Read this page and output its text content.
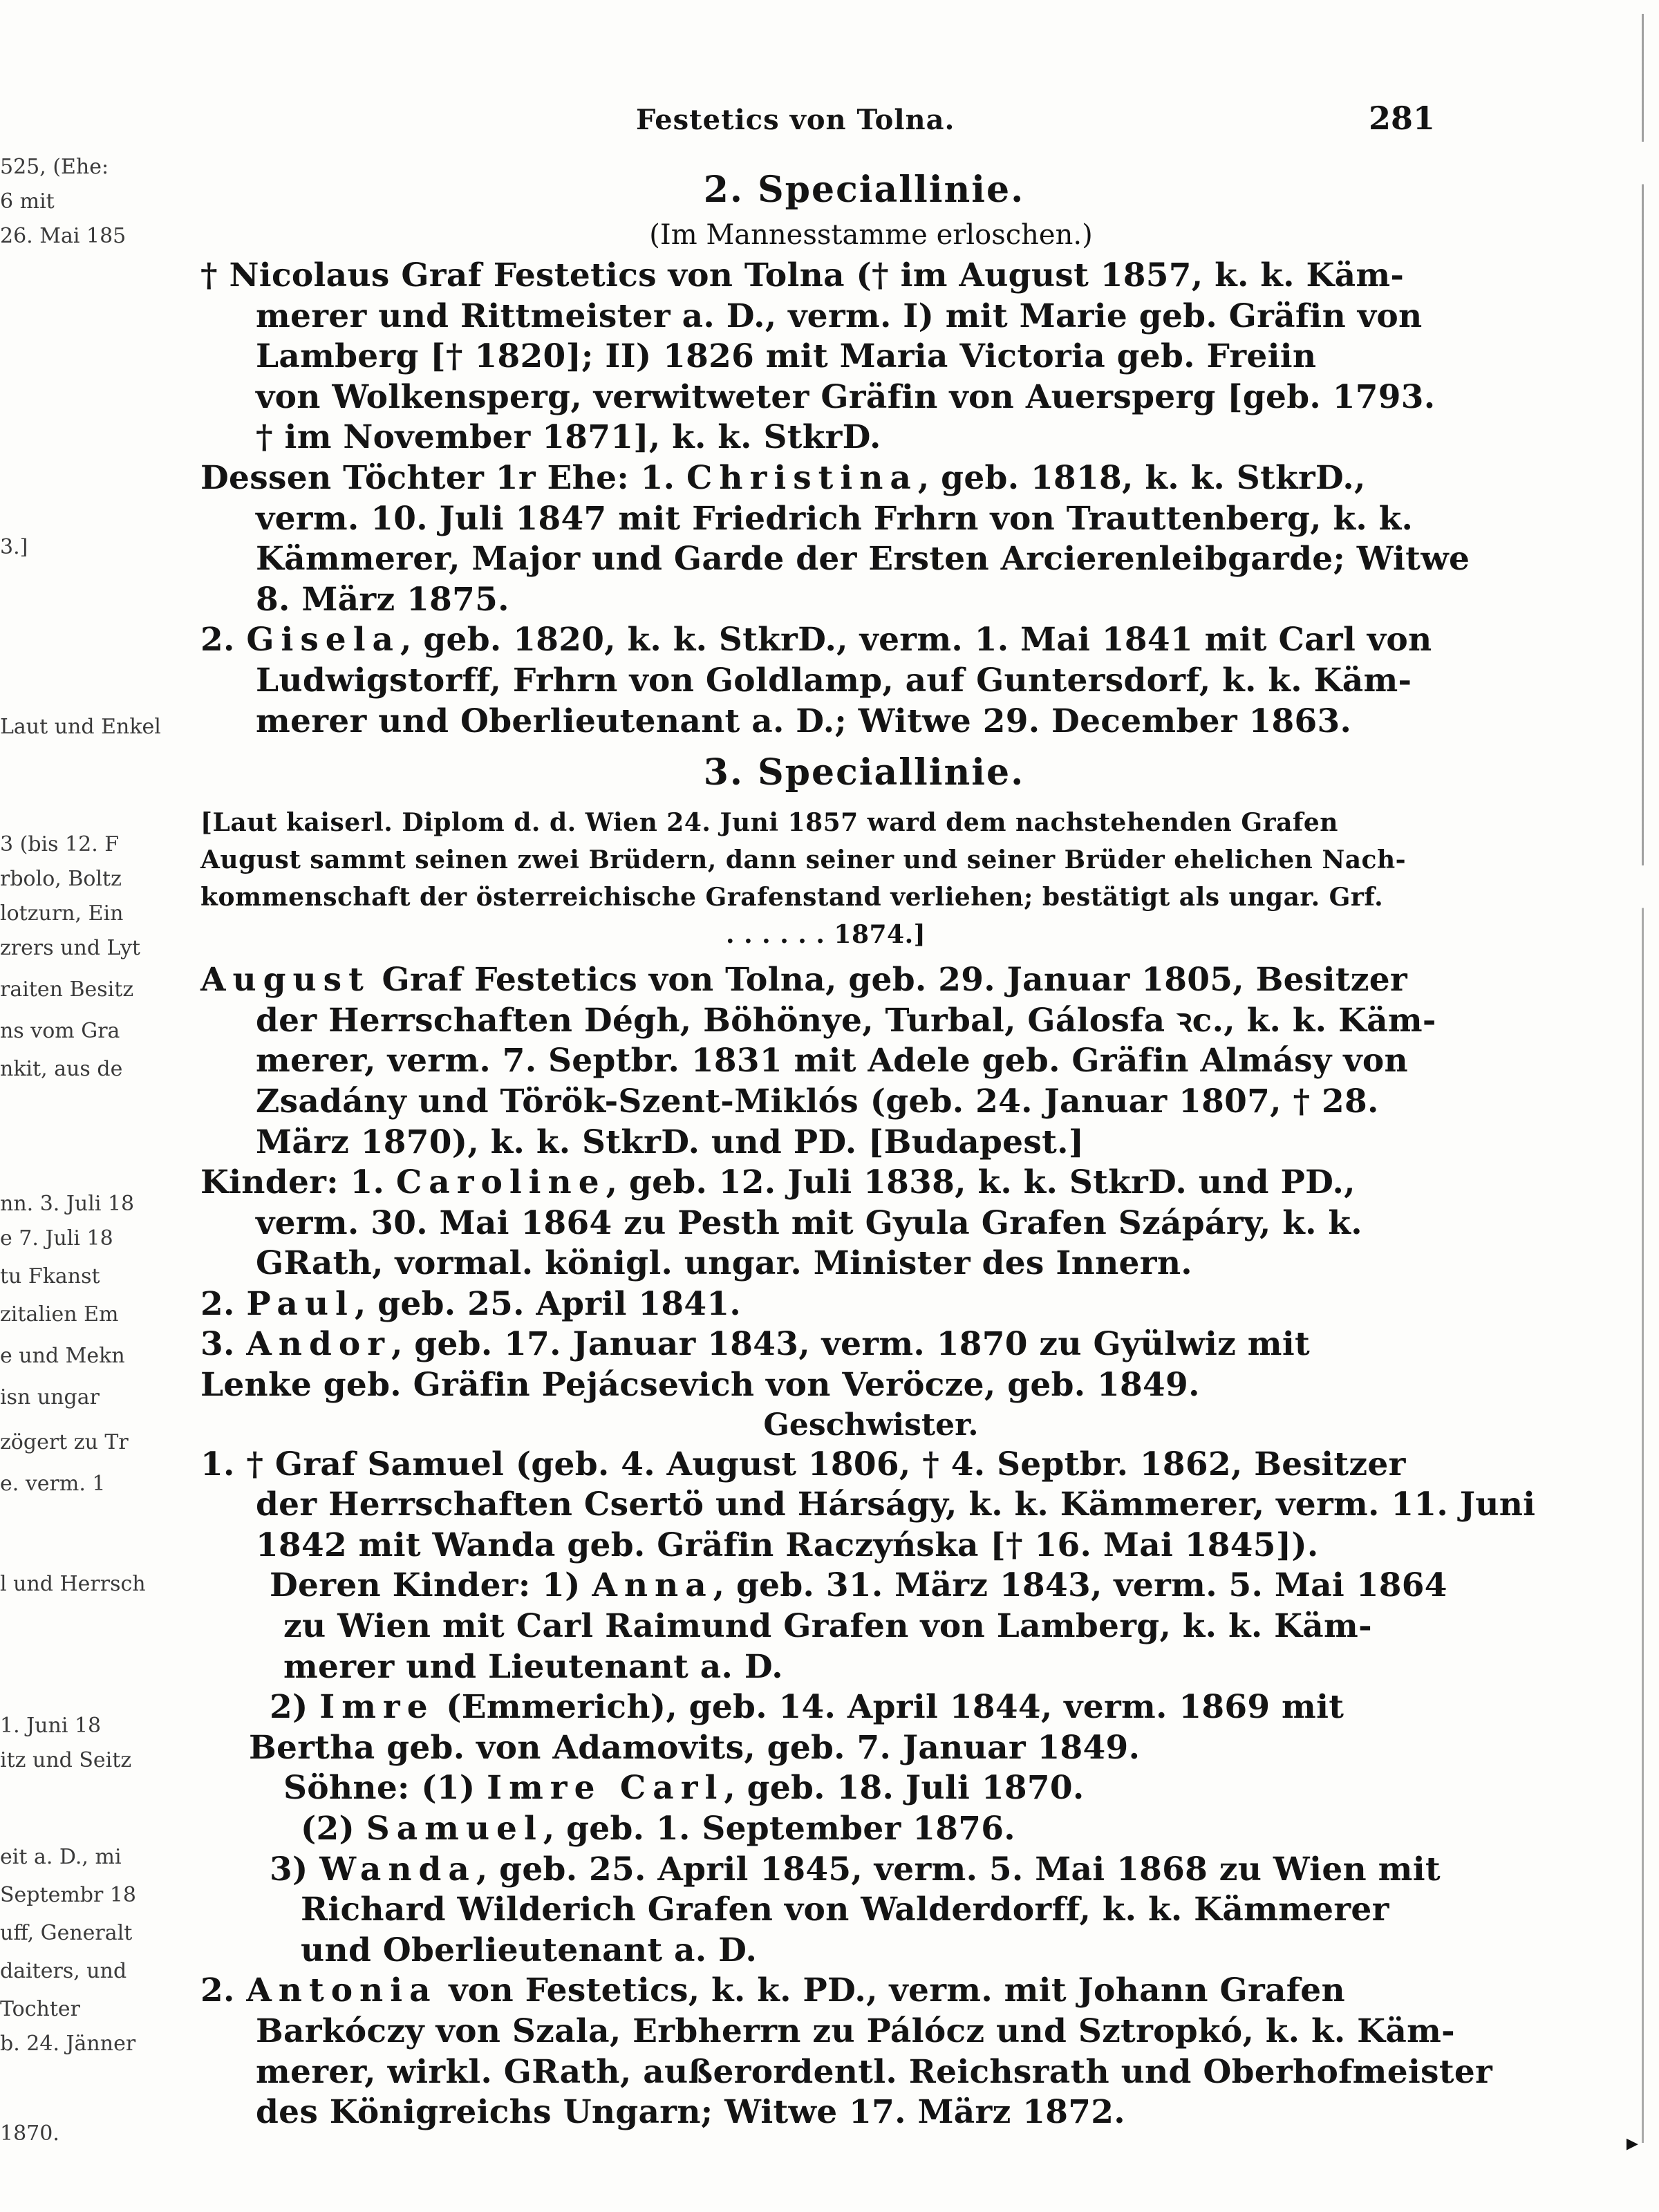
525, (Ehe:
6 mit
26. Mai 185
3.]
Laut und Enkel
3 (bis 12. F
rbolo, Boltz
lotzurn, Ein
zrers und Lyt
raiten Besitz
ns vom Gra
nkit, aus de
nn. 3. Juli 18
e 7. Juli 18
tu Fkanst
zitalien Em
e und Mekn
isn ungar
zögert zu Tr
e. verm. 1
l und Herrsch
1. Juni 18
itz und Seitz
eit a. D., mi
Septembr 18
uff, Generalt
daiters, und
Tochter
b. 24. Jänner
1870.	▸
Festetics von Tolna.	281
2. Speciallinie.
(Im Mannesstamme erloschen.)
† Nicolaus Graf Festetics von Tolna († im August 1857, k. k. Käm-
merer und Rittmeister a. D., verm. I) mit Marie geb. Gräfin von
Lamberg [† 1820]; II) 1826 mit Maria Victoria geb. Freiin
von Wolkensperg, verwitweter Gräfin von Auersperg [geb. 1793.
† im November 1871], k. k. StkrD.
Dessen Töchter 1r Ehe: 1. Christina, geb. 1818, k. k. StkrD.,
verm. 10. Juli 1847 mit Friedrich Frhrn von Trauttenberg, k. k.
Kämmerer, Major und Garde der Ersten Arcierenleibgarde; Witwe
8. März 1875.
2. Gisela, geb. 1820, k. k. StkrD., verm. 1. Mai 1841 mit Carl von
Ludwigstorff, Frhrn von Goldlamp, auf Guntersdorf, k. k. Käm-
merer und Oberlieutenant a. D.; Witwe 29. December 1863.
3. Speciallinie.
[Laut kaiserl. Diplom d. d. Wien 24. Juni 1857 ward dem nachstehenden Grafen
August sammt seinen zwei Brüdern, dann seiner und seiner Brüder ehelichen Nach-
kommenschaft der österreichische Grafenstand verliehen; bestätigt als ungar. Grf.
. . . . . . 1874.]
August Graf Festetics von Tolna, geb. 29. Januar 1805, Besitzer
der Herrschaften Dégh, Böhönye, Turbal, Gálosfa ꝛc., k. k. Käm-
merer, verm. 7. Septbr. 1831 mit Adele geb. Gräfin Almásy von
Zsadány und Török-Szent-Miklós (geb. 24. Januar 1807, † 28.
März 1870), k. k. StkrD. und PD. [Budapest.]
Kinder: 1. Caroline, geb. 12. Juli 1838, k. k. StkrD. und PD.,
verm. 30. Mai 1864 zu Pesth mit Gyula Grafen Szápáry, k. k.
GRath, vormal. königl. ungar. Minister des Innern.
2. Paul, geb. 25. April 1841.
3. Andor, geb. 17. Januar 1843, verm. 1870 zu Gyülwiz mit
Lenke geb. Gräfin Pejácsevich von Veröcze, geb. 1849.
Geschwister.
1. † Graf Samuel (geb. 4. August 1806, † 4. Septbr. 1862, Besitzer
der Herrschaften Csertö und Hárságy, k. k. Kämmerer, verm. 11. Juni
1842 mit Wanda geb. Gräfin Raczyńska [† 16. Mai 1845]).
Deren Kinder: 1) Anna, geb. 31. März 1843, verm. 5. Mai 1864
zu Wien mit Carl Raimund Grafen von Lamberg, k. k. Käm-
merer und Lieutenant a. D.
2) Imre (Emmerich), geb. 14. April 1844, verm. 1869 mit
Bertha geb. von Adamovits, geb. 7. Januar 1849.
Söhne: (1) Imre Carl, geb. 18. Juli 1870.
(2) Samuel, geb. 1. September 1876.
3) Wanda, geb. 25. April 1845, verm. 5. Mai 1868 zu Wien mit
Richard Wilderich Grafen von Walderdorff, k. k. Kämmerer
und Oberlieutenant a. D.
2. Antonia von Festetics, k. k. PD., verm. mit Johann Grafen
Barkóczy von Szala, Erbherrn zu Pálócz und Sztropkó, k. k. Käm-
merer, wirkl. GRath, außerordentl. Reichsrath und Oberhofmeister
des Königreichs Ungarn; Witwe 17. März 1872.
